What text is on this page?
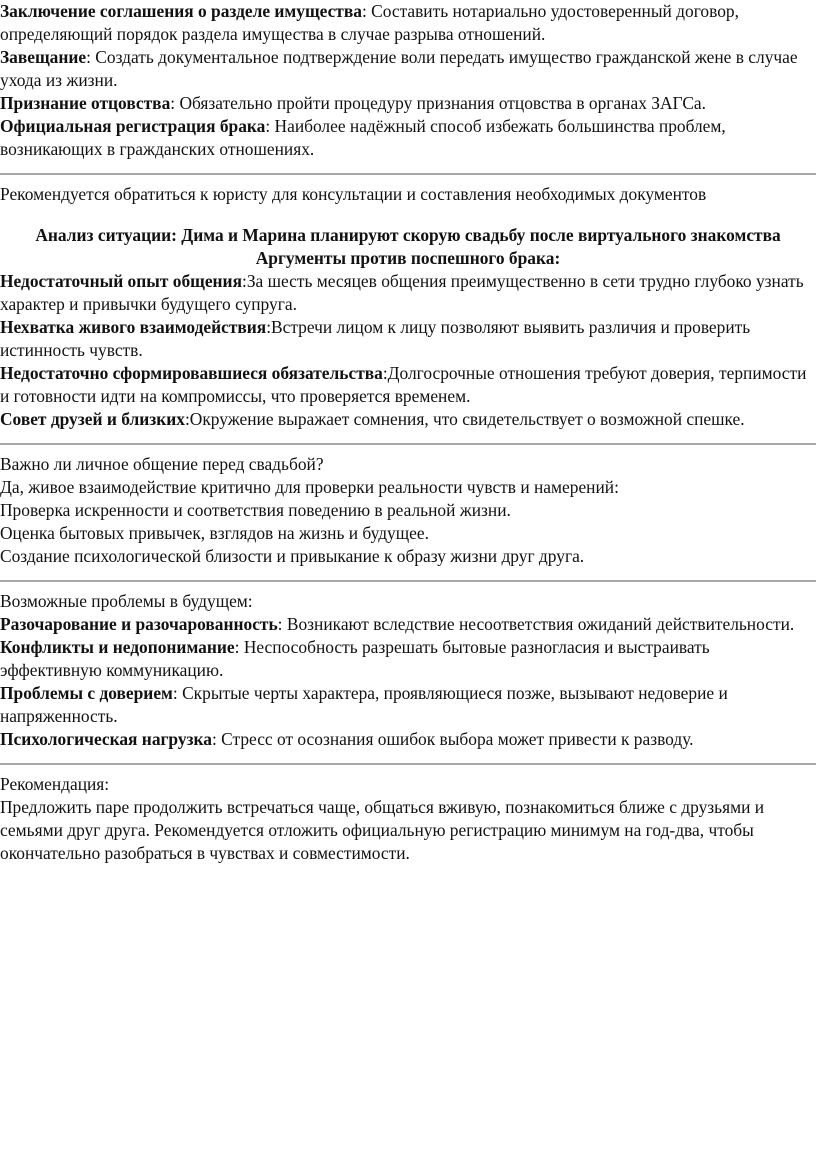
Заключение соглашения о разделе имущества: Составить нотариально удостоверенный договор, определяющий порядок раздела имущества в случае разрыва отношений.

Завещание: Создать документальное подтверждение воли передать имущество гражданской жене в случае ухода из жизни.

Признание отцовства: Обязательно пройти процедуру признания отцовства в органах ЗАГСа.

Официальная регистрация брака: Наиболее надёжный способ избежать большинства проблем, возникающих в гражданских отношениях.

Рекомендуется обратиться к юристу для консультации и составления необходимых документов

Анализ ситуации: Дима и Марина планируют скорую свадьбу после виртуального знакомства

Аргументы против поспешного брака:

Недостаточный опыт общения:За шесть месяцев общения преимущественно в сети трудно глубоко узнать характер и привычки будущего супруга.

Нехватка живого взаимодействия:Встречи лицом к лицу позволяют выявить различия и проверить истинность чувств.

Недостаточно сформировавшиеся обязательства:Долгосрочные отношения требуют доверия, терпимости и готовности идти на компромиссы, что проверяется временем.

Совет друзей и близких:Окружение выражает сомнения, что свидетельствует о возможной спешке.

Важно ли личное общение перед свадьбой?

Да, живое взаимодействие критично для проверки реальности чувств и намерений:

Проверка искренности и соответствия поведению в реальной жизни.

Оценка бытовых привычек, взглядов на жизнь и будущее.

Создание психологической близости и привыкание к образу жизни друг друга.

Возможные проблемы в будущем:

Разочарование и разочарованность: Возникают вследствие несоответствия ожиданий действительности.

Конфликты и недопонимание: Неспособность разрешать бытовые разногласия и выстраивать эффективную коммуникацию.

Проблемы с доверием: Скрытые черты характера, проявляющиеся позже, вызывают недоверие и напряженность.

Психологическая нагрузка: Стресс от осознания ошибок выбора может привести к разводу.

Рекомендация:

Предложить паре продолжить встречаться чаще, общаться вживую, познакомиться ближе с друзьями и семьями друг друга. Рекомендуется отложить официальную регистрацию минимум на год-два, чтобы окончательно разобраться в чувствах и совместимости.
